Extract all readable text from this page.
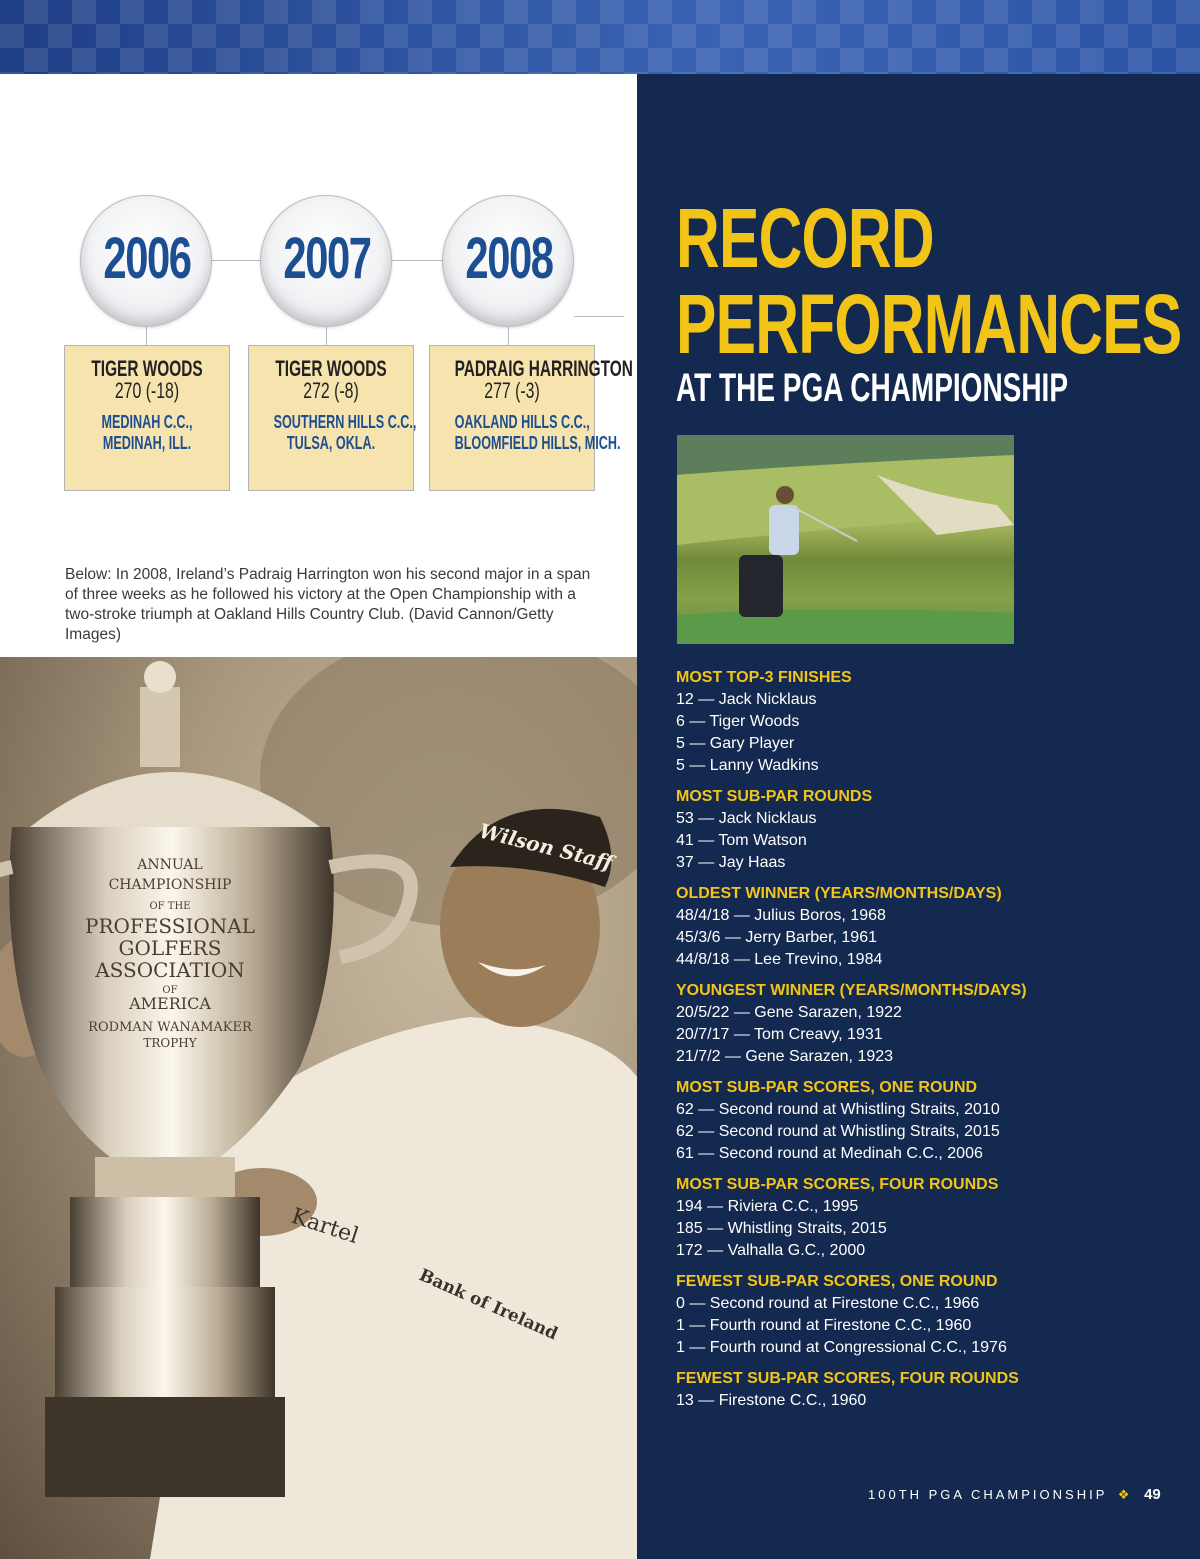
2006 2007 2008
TIGER WOODS
270 (-18)
MEDINAH C.C.,
MEDINAH, ILL.
TIGER WOODS
272 (-8)
SOUTHERN HILLS C.C.,
TULSA, OKLA.
PADRAIG HARRINGTON
277 (-3)
OAKLAND HILLS C.C.,
BLOOMFIELD HILLS, MICH.

Below: In 2008, Ireland’s Padraig Harrington won his second major in a span of three weeks as he followed his victory at the Open Championship with a two-stroke triumph at Oakland Hills Country Club. (David Cannon/Getty Images)

Wilson Staff
ANNUAL
CHAMPIONSHIP
OF THE
PROFESSIONAL
GOLFERS
ASSOCIATION
OF
AMERICA
RODMAN WANAMAKER
TROPHY
Kartel
Bank of Ireland
RECORD
PERFORMANCES
AT THE PGA CHAMPIONSHIP
MOST TOP-3 FINISHES
12 — Jack Nicklaus
6 — Tiger Woods
5 — Gary Player
5 — Lanny Wadkins
MOST SUB-PAR ROUNDS
53 — Jack Nicklaus
41 — Tom Watson
37 — Jay Haas
OLDEST WINNER (YEARS/MONTHS/DAYS)
48/4/18 — Julius Boros, 1968
45/3/6 — Jerry Barber, 1961
44/8/18 — Lee Trevino, 1984
YOUNGEST WINNER (YEARS/MONTHS/DAYS)
20/5/22 — Gene Sarazen, 1922
20/7/17 — Tom Creavy, 1931
21/7/2 — Gene Sarazen, 1923
MOST SUB-PAR SCORES, ONE ROUND
62 — Second round at Whistling Straits, 2010
62 — Second round at Whistling Straits, 2015
61 — Second round at Medinah C.C., 2006
MOST SUB-PAR SCORES, FOUR ROUNDS
194 — Riviera C.C., 1995
185 — Whistling Straits, 2015
172 — Valhalla G.C., 2000
FEWEST SUB-PAR SCORES, ONE ROUND
0 — Second round at Firestone C.C., 1966
1 — Fourth round at Firestone C.C., 1960
1 — Fourth round at Congressional C.C., 1976
FEWEST SUB-PAR SCORES, FOUR ROUNDS
13 — Firestone C.C., 1960
100TH PGA CHAMPIONSHIP ❖ 49
